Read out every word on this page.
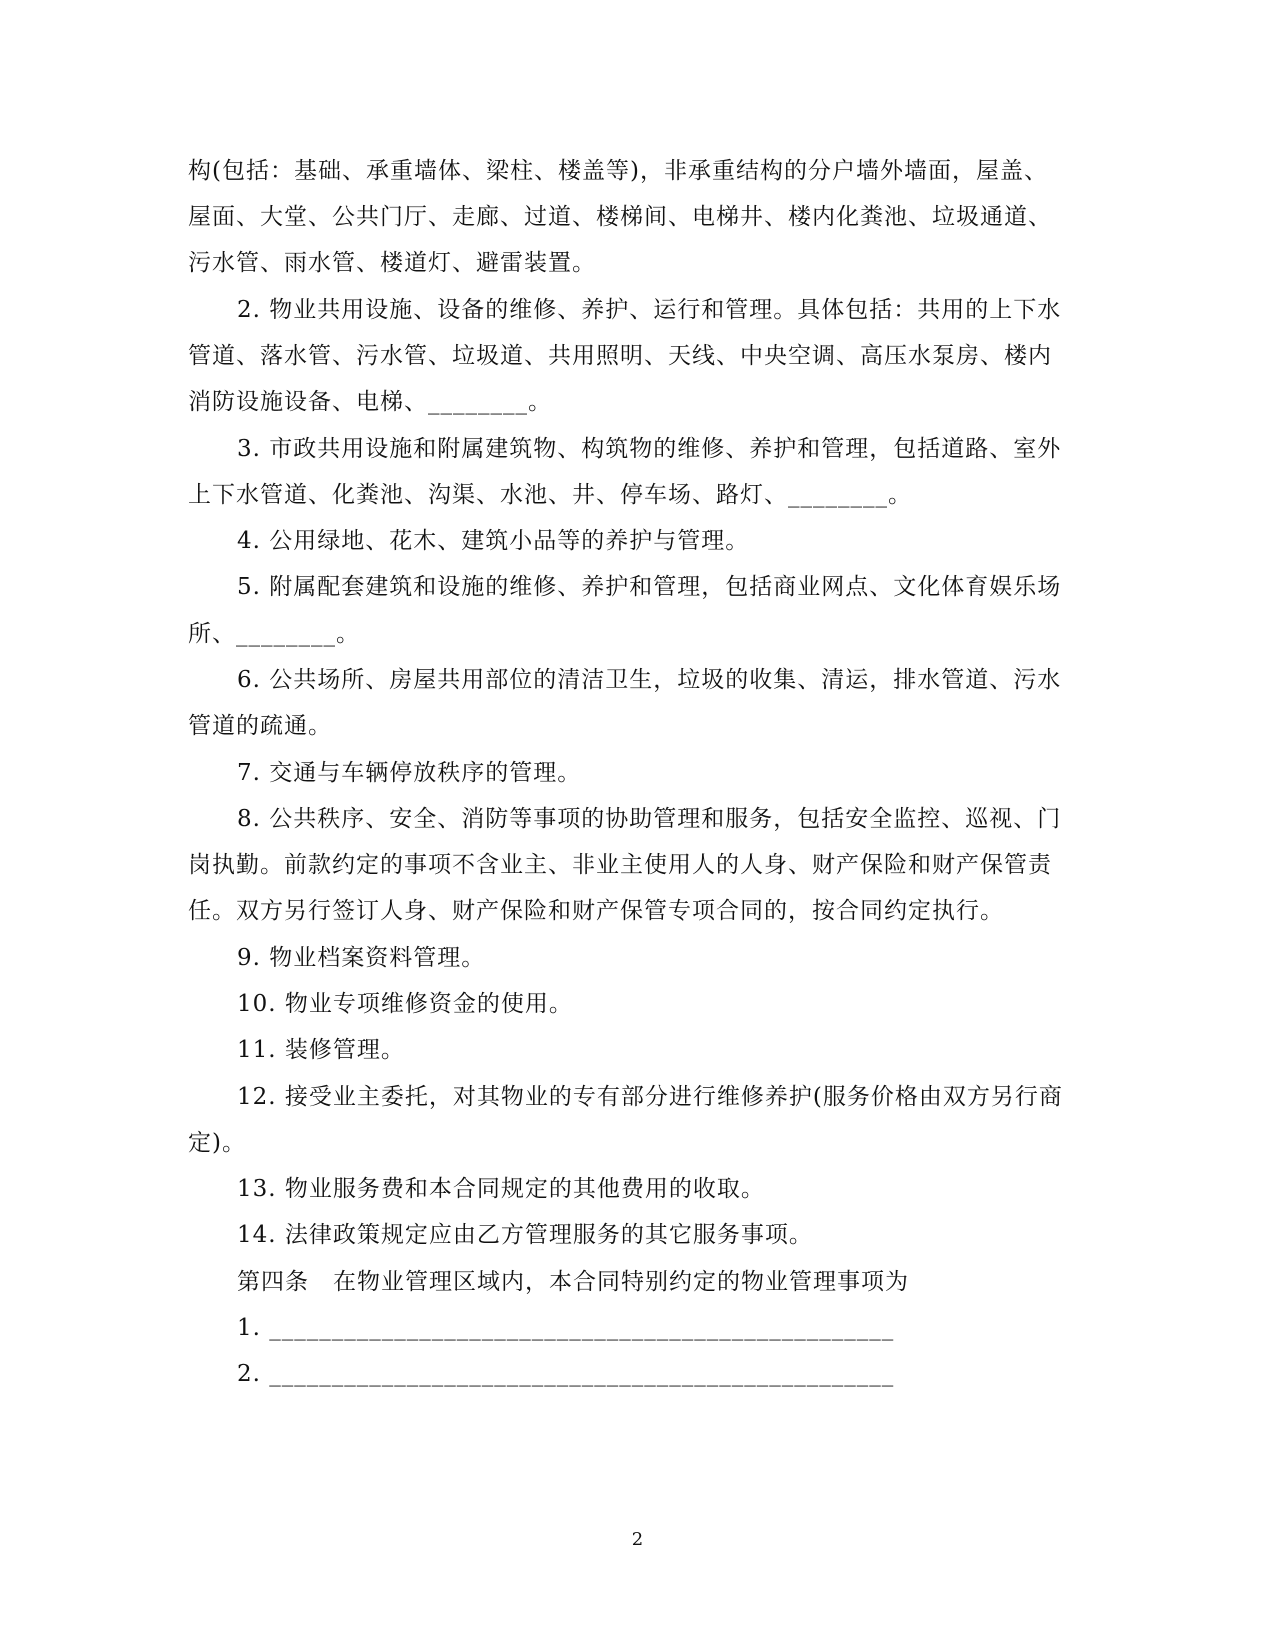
构(包括：基础、承重墙体、梁柱、楼盖等)，非承重结构的分户墙外墙面，屋盖、
屋面、大堂、公共门厅、走廊、过道、楼梯间、电梯井、楼内化粪池、垃圾通道、
污水管、雨水管、楼道灯、避雷装置。
2. 物业共用设施、设备的维修、养护、运行和管理。具体包括：共用的上下水
管道、落水管、污水管、垃圾道、共用照明、天线、中央空调、高压水泵房、楼内
消防设施设备、电梯、________。
3. 市政共用设施和附属建筑物、构筑物的维修、养护和管理，包括道路、室外
上下水管道、化粪池、沟渠、水池、井、停车场、路灯、________。
4. 公用绿地、花木、建筑小品等的养护与管理。
5. 附属配套建筑和设施的维修、养护和管理，包括商业网点、文化体育娱乐场
所、________。
6. 公共场所、房屋共用部位的清洁卫生，垃圾的收集、清运，排水管道、污水
管道的疏通。
7. 交通与车辆停放秩序的管理。
8. 公共秩序、安全、消防等事项的协助管理和服务，包括安全监控、巡视、门
岗执勤。前款约定的事项不含业主、非业主使用人的人身、财产保险和财产保管责
任。双方另行签订人身、财产保险和财产保管专项合同的，按合同约定执行。
9. 物业档案资料管理。
10. 物业专项维修资金的使用。
11. 装修管理。
12. 接受业主委托，对其物业的专有部分进行维修养护(服务价格由双方另行商
定)。
13. 物业服务费和本合同规定的其他费用的收取。
14. 法律政策规定应由乙方管理服务的其它服务事项。
第四条　在物业管理区域内，本合同特别约定的物业管理事项为
1. __________________________________________________
2. __________________________________________________
2
